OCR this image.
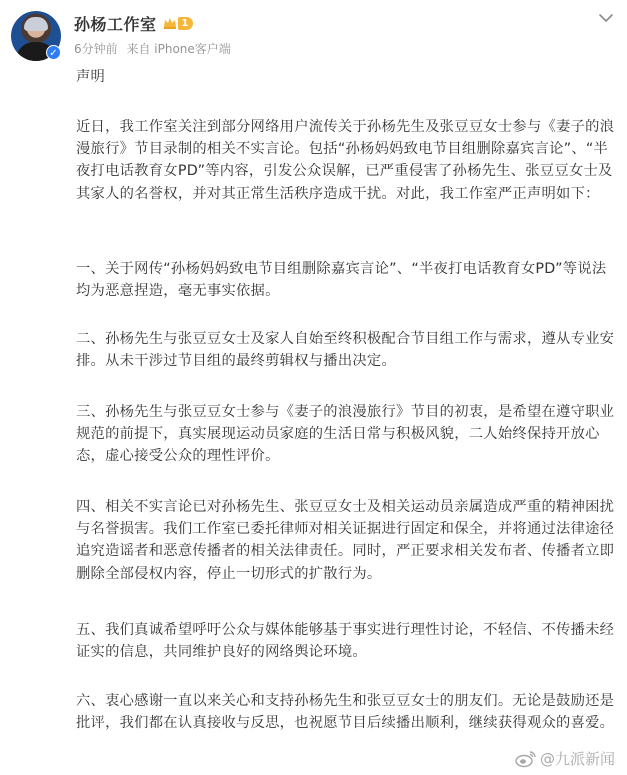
✓
孙杨工作室	1
6分钟前 来自 iPhone客户端

声明

近日，我工作室关注到部分网络用户流传关于孙杨先生及张豆豆女士参与《妻子的浪漫旅行》节目录制的相关不实言论。包括“孙杨妈妈致电节目组删除嘉宾言论”、“半夜打电话教育女PD”等内容，引发公众误解，已严重侵害了孙杨先生、张豆豆女士及其家人的名誉权，并对其正常生活秩序造成干扰。对此，我工作室严正声明如下：

一、关于网传“孙杨妈妈致电节目组删除嘉宾言论”、“半夜打电话教育女PD”等说法均为恶意捏造，毫无事实依据。

二、孙杨先生与张豆豆女士及家人自始至终积极配合节目组工作与需求，遵从专业安排。从未干涉过节目组的最终剪辑权与播出决定。

三、孙杨先生与张豆豆女士参与《妻子的浪漫旅行》节目的初衷，是希望在遵守职业规范的前提下，真实展现运动员家庭的生活日常与积极风貌，二人始终保持开放心态，虚心接受公众的理性评价。

四、相关不实言论已对孙杨先生、张豆豆女士及相关运动员亲属造成严重的精神困扰与名誉损害。我们工作室已委托律师对相关证据进行固定和保全，并将通过法律途径追究造谣者和恶意传播者的相关法律责任。同时，严正要求相关发布者、传播者立即删除全部侵权内容，停止一切形式的扩散行为。

五、我们真诚希望呼吁公众与媒体能够基于事实进行理性讨论，不轻信、不传播未经证实的信息，共同维护良好的网络舆论环境。

六、衷心感谢一直以来关心和支持孙杨先生和张豆豆女士的朋友们。无论是鼓励还是批评，我们都在认真接收与反思，也祝愿节目后续播出顺利，继续获得观众的喜爱。

@九派新闻
